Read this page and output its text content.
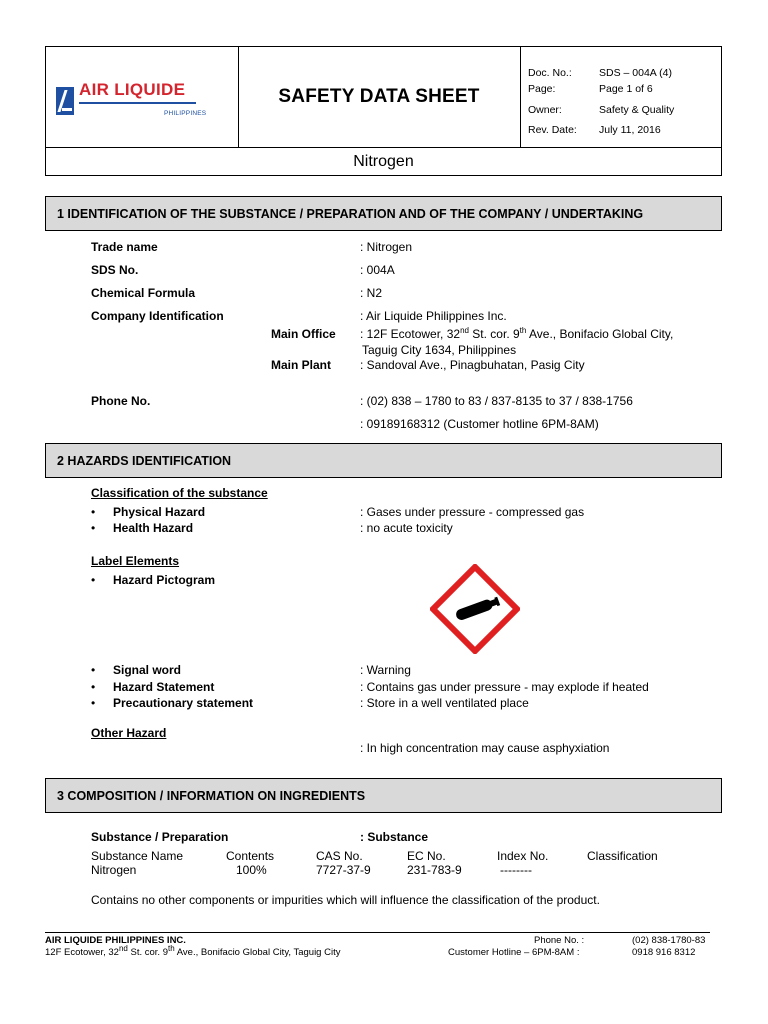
AIR LIQUIDE
PHILIPPINES
SAFETY DATA SHEET
Doc. No.:	SDS – 004A (4)
Page:	Page 1 of 6
Owner:	Safety & Quality
Rev. Date: July 11, 2016
Nitrogen
1 IDENTIFICATION OF THE SUBSTANCE / PREPARATION AND OF THE COMPANY / UNDERTAKING
Trade name	: Nitrogen
SDS No.	: 004A
Chemical Formula	: N2
Company Identification	: Air Liquide Philippines Inc.
Main Office : 12F Ecotower, 32nd St. cor. 9th Ave., Bonifacio Global City,
Taguig City 1634, Philippines
Main Plant : Sandoval Ave., Pinagbuhatan, Pasig City
Phone No.	: (02) 838 – 1780 to 83 / 837-8135 to 37 / 838-1756
: 09189168312 (Customer hotline 6PM-8AM)
2 HAZARDS IDENTIFICATION
Classification of the substance
• Physical Hazard	: Gases under pressure - compressed gas
• Health Hazard	: no acute toxicity
Label Elements
• Hazard Pictogram
• Signal word	: Warning
• Hazard Statement	: Contains gas under pressure - may explode if heated
• Precautionary statement	: Store in a well ventilated place
Other Hazard
: In high concentration may cause asphyxiation
3 COMPOSITION / INFORMATION ON INGREDIENTS
Substance / Preparation	: Substance
Substance Name	Contents	CAS No.	EC No.	Index No.	Classification
Nitrogen	100%	7727-37-9	231-783-9	--------
Contains no other components or impurities which will influence the classification of the product.
AIR LIQUIDE PHILIPPINES INC.
12F Ecotower, 32nd St. cor. 9th Ave., Bonifacio Global City, Taguig City
Phone No. :	(02) 838-1780-83
Customer Hotline – 6PM-8AM :	0918 916 8312
